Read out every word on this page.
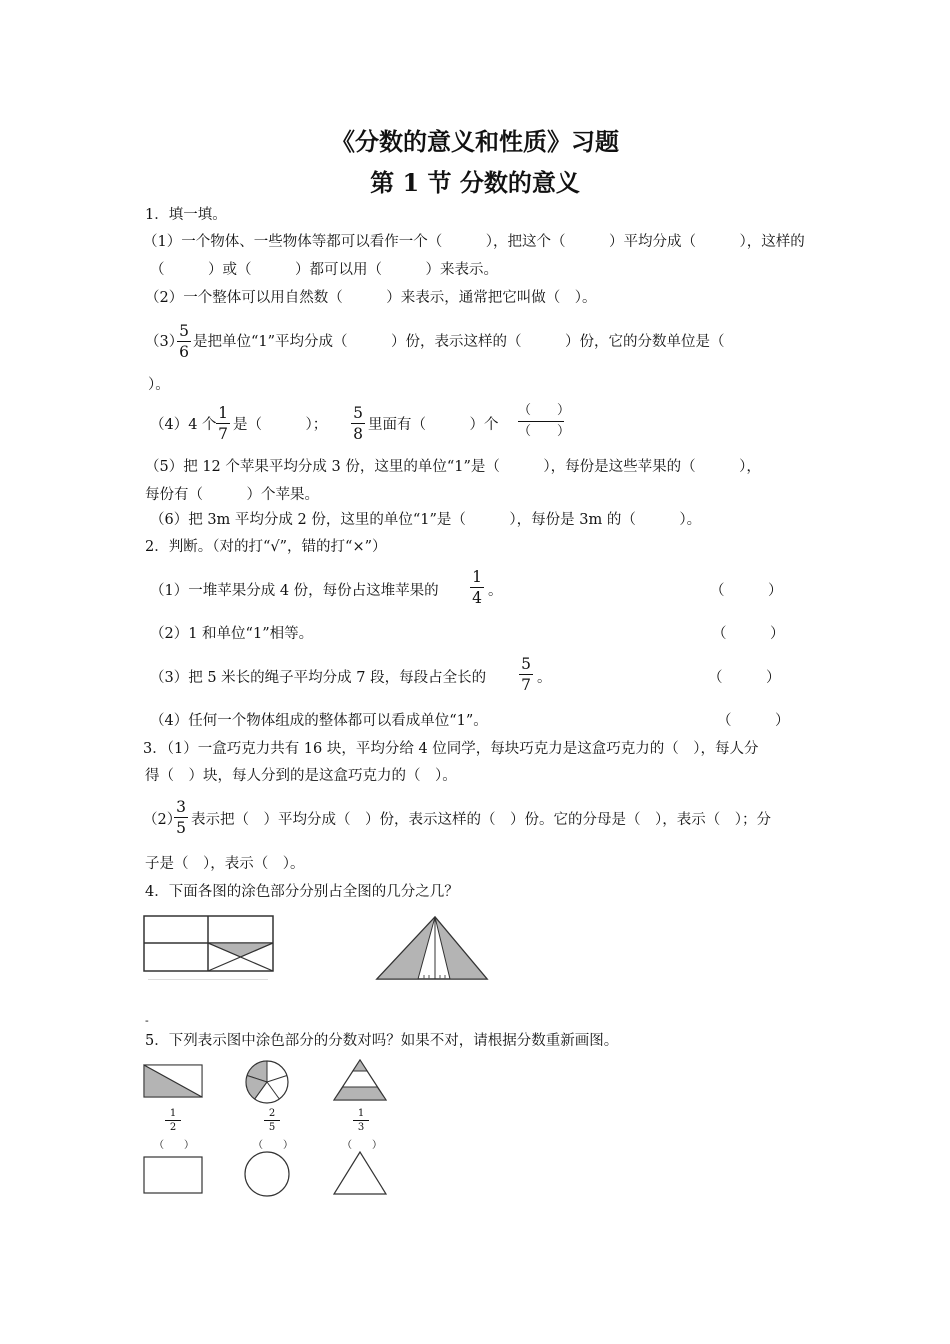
《分数的意义和性质》习题
第 1 节 分数的意义
1．填一填。
（1）一个物体、一些物体等都可以看作一个（　　　），把这个（　　　）平均分成（　　　），这样的
（　　　）或（　　　）都可以用（　　　）来表示。
（2）一个整体可以用自然数（　　　）来表示，通常把它叫做（　）。
（3）
5
6
是把单位“1”平均分成（　　　）份，表示这样的（　　　）份，它的分数单位是（
）。
（4）4 个
1
7 是（　　　）；
5
8 里面有（　　　）个
（　　）
（　　）
（5）把 12 个苹果平均分成 3 份，这里的单位“1”是（　　　），每份是这些苹果的（　　　），
每份有（　　　）个苹果。
（6）把 3m 平均分成 2 份，这里的单位“1”是（　　　），每份是 3m 的（　　　）。
2．判断。（对的打“√”，错的打“×”）
（1）一堆苹果分成 4 份，每份占这堆苹果的
1
4 。	（　　　）
（2）1 和单位“1”相等。	（　　　）
（3）把 5 米长的绳子平均分成 7 段，每段占全长的
5
7 。	（　　　）
（4）任何一个物体组成的整体都可以看成单位“1”。	（　　　）
3．（1）一盒巧克力共有 16 块，平均分给 4 位同学，每块巧克力是这盒巧克力的（　），每人分
得（　）块，每人分到的是这盒巧克力的（　）。
（2）
3
5 表示把（　）平均分成（　）份，表示这样的（　）份。它的分母是（　），表示（　）；分
子是（　），表示（　）。
4．下面各图的涂色部分分别占全图的几分之几？
-
5．下列表示图中涂色部分的分数对吗？如果不对，请根据分数重新画图。
1
2
（　　）
2
5
（　　）
1
3
（　　）
